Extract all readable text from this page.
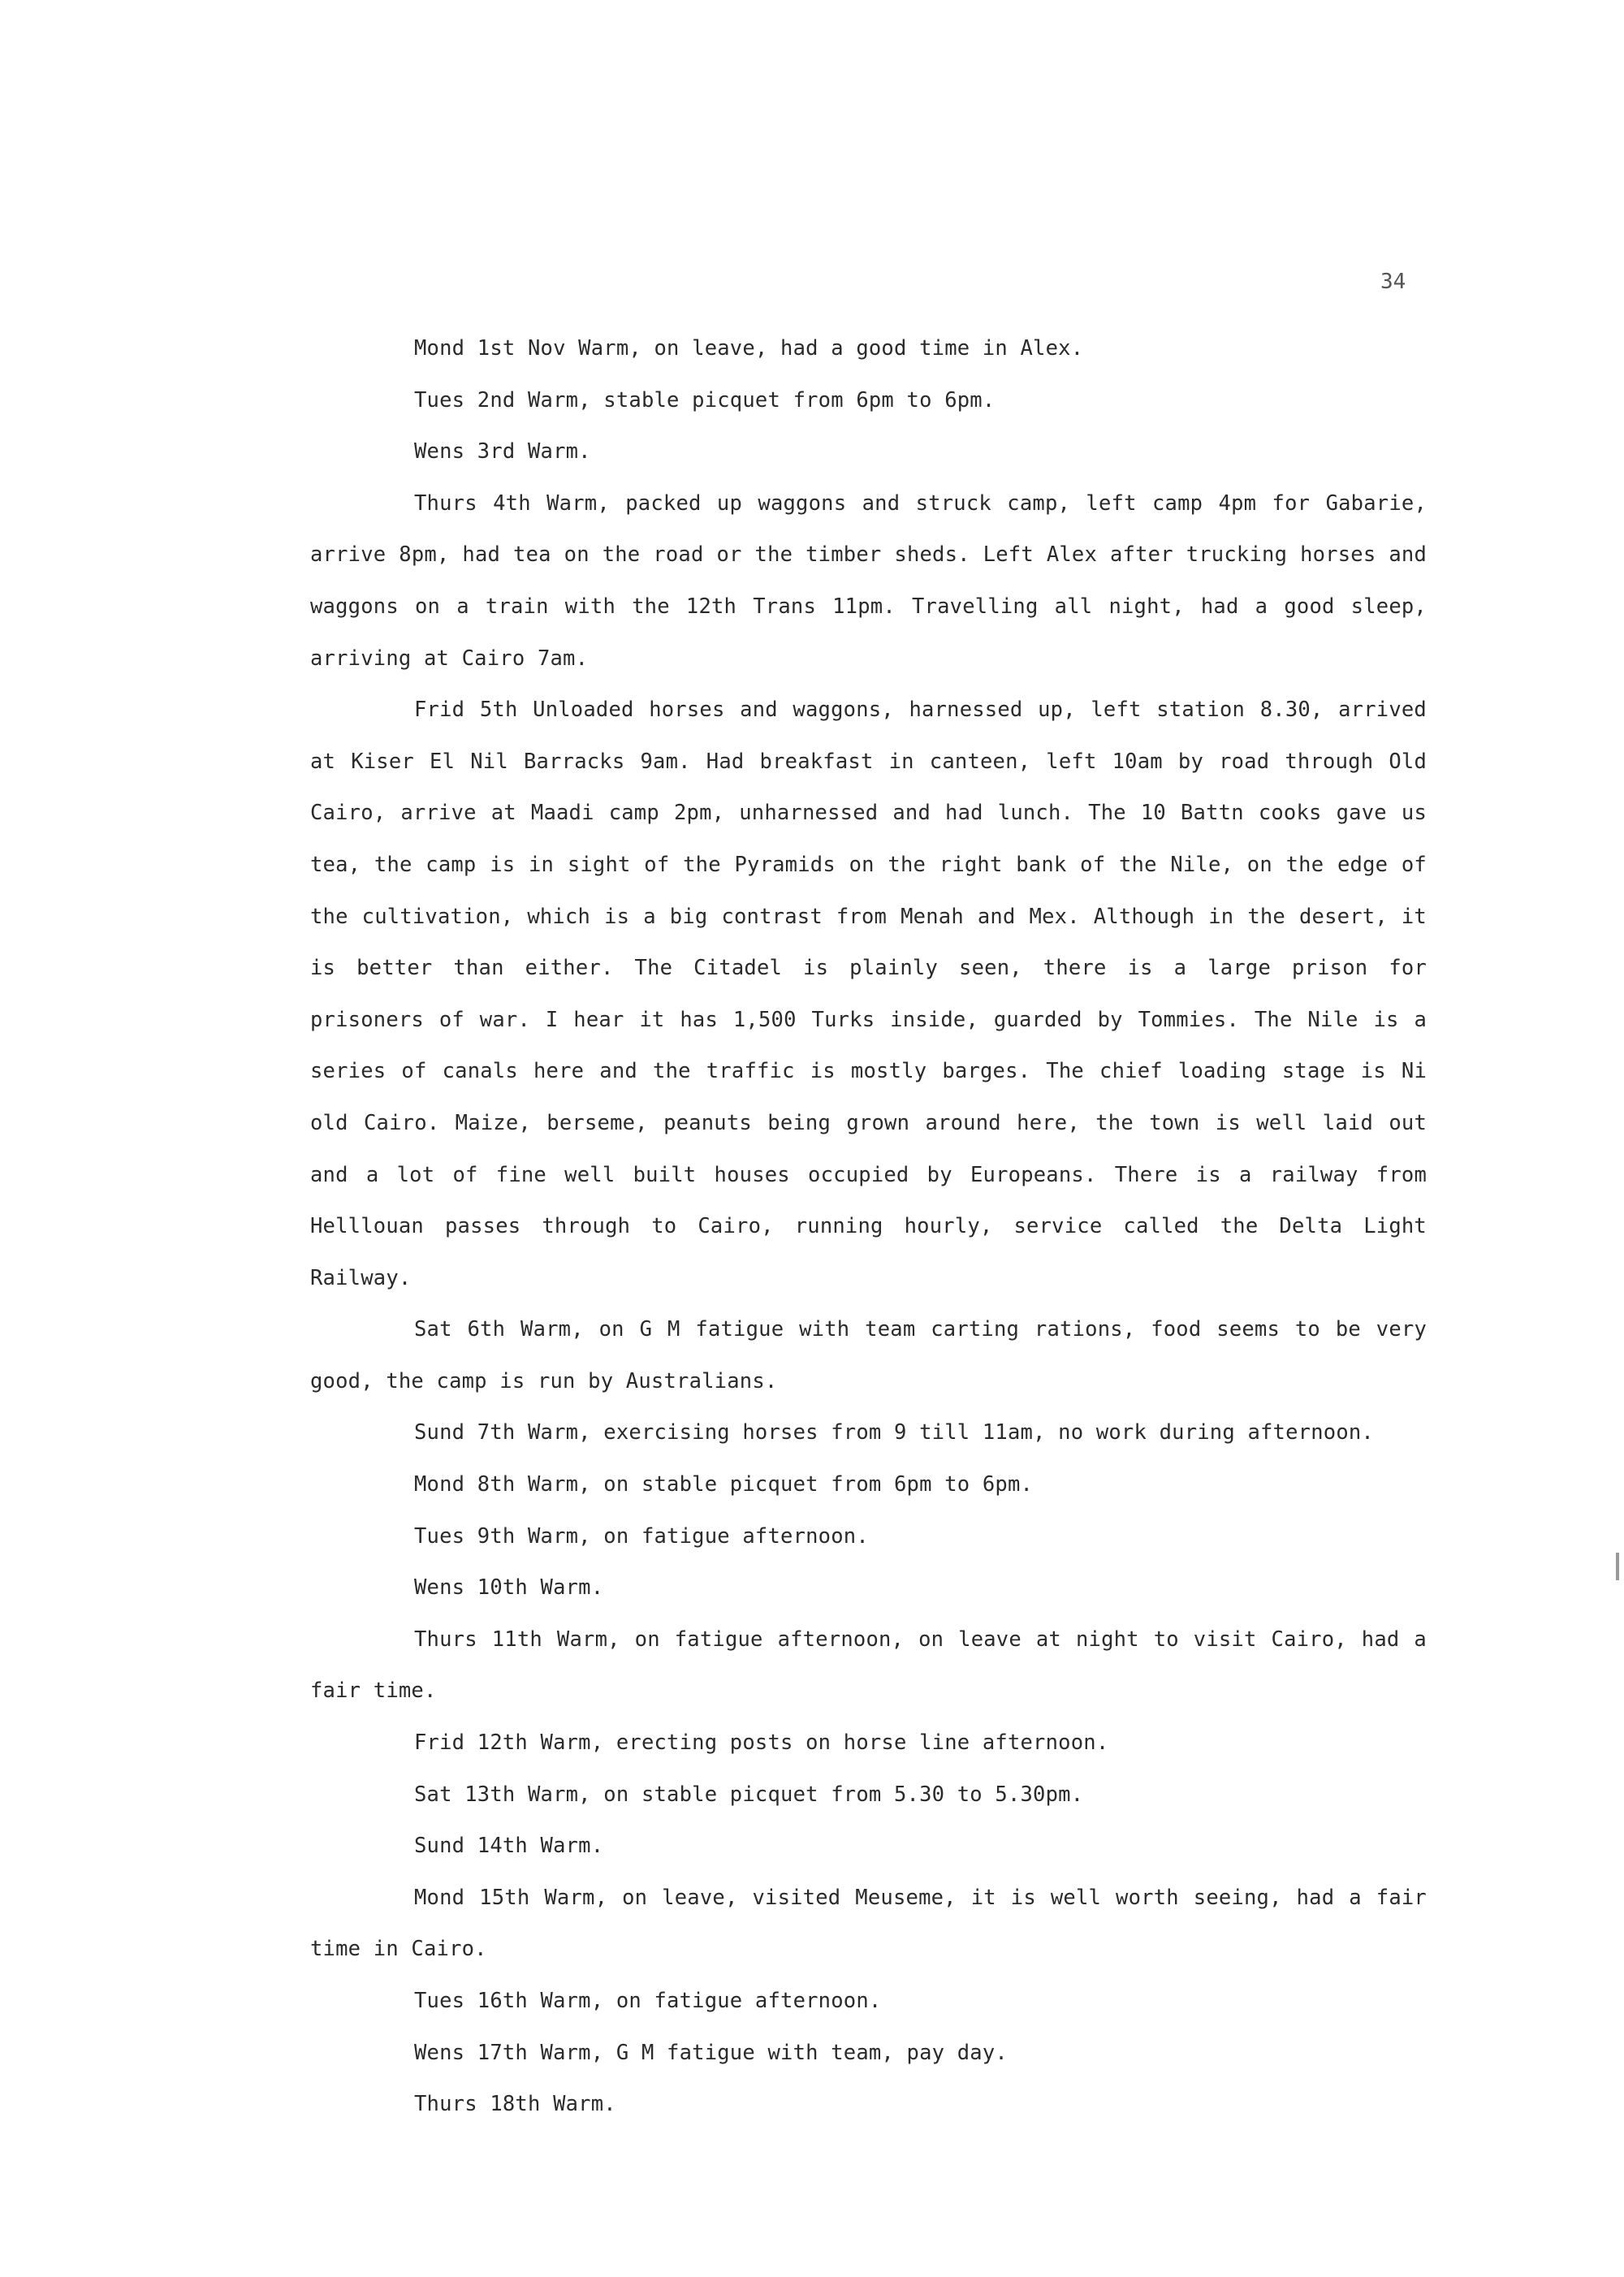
34

Mond 1st Nov Warm, on leave, had a good time in Alex.

Tues 2nd Warm, stable picquet from 6pm to 6pm.

Wens 3rd Warm.

Thurs 4th Warm, packed up waggons and struck camp, left camp 4pm for Gabarie, arrive 8pm, had tea on the road or the timber sheds. Left Alex after trucking horses and waggons on a train with the 12th Trans 11pm. Travelling all night, had a good sleep, arriving at Cairo 7am.

Frid 5th Unloaded horses and waggons, harnessed up, left station 8.30, arrived at Kiser El Nil Barracks 9am. Had breakfast in canteen, left 10am by road through Old Cairo, arrive at Maadi camp 2pm, unharnessed and had lunch. The 10 Battn cooks gave us tea, the camp is in sight of the Pyramids on the right bank of the Nile, on the edge of the cultivation, which is a big contrast from Menah and Mex. Although in the desert, it is better than either. The Citadel is plainly seen, there is a large prison for prisoners of war. I hear it has 1,500 Turks inside, guarded by Tommies. The Nile is a series of canals here and the traffic is mostly barges. The chief loading stage is Ni old Cairo. Maize, berseme, peanuts being grown around here, the town is well laid out and a lot of fine well built houses occupied by Europeans. There is a railway from Helllouan passes through to Cairo, running hourly, service called the Delta Light Railway.

Sat 6th Warm, on G M fatigue with team carting rations, food seems to be very good, the camp is run by Australians.

Sund 7th Warm, exercising horses from 9 till 11am, no work during afternoon.

Mond 8th Warm, on stable picquet from 6pm to 6pm.

Tues 9th Warm, on fatigue afternoon.

Wens 10th Warm.

Thurs 11th Warm, on fatigue afternoon, on leave at night to visit Cairo, had a fair time.

Frid 12th Warm, erecting posts on horse line afternoon.

Sat 13th Warm, on stable picquet from 5.30 to 5.30pm.

Sund 14th Warm.

Mond 15th Warm, on leave, visited Meuseme, it is well worth seeing, had a fair time in Cairo.

Tues 16th Warm, on fatigue afternoon.

Wens 17th Warm, G M fatigue with team, pay day.

Thurs 18th Warm.
